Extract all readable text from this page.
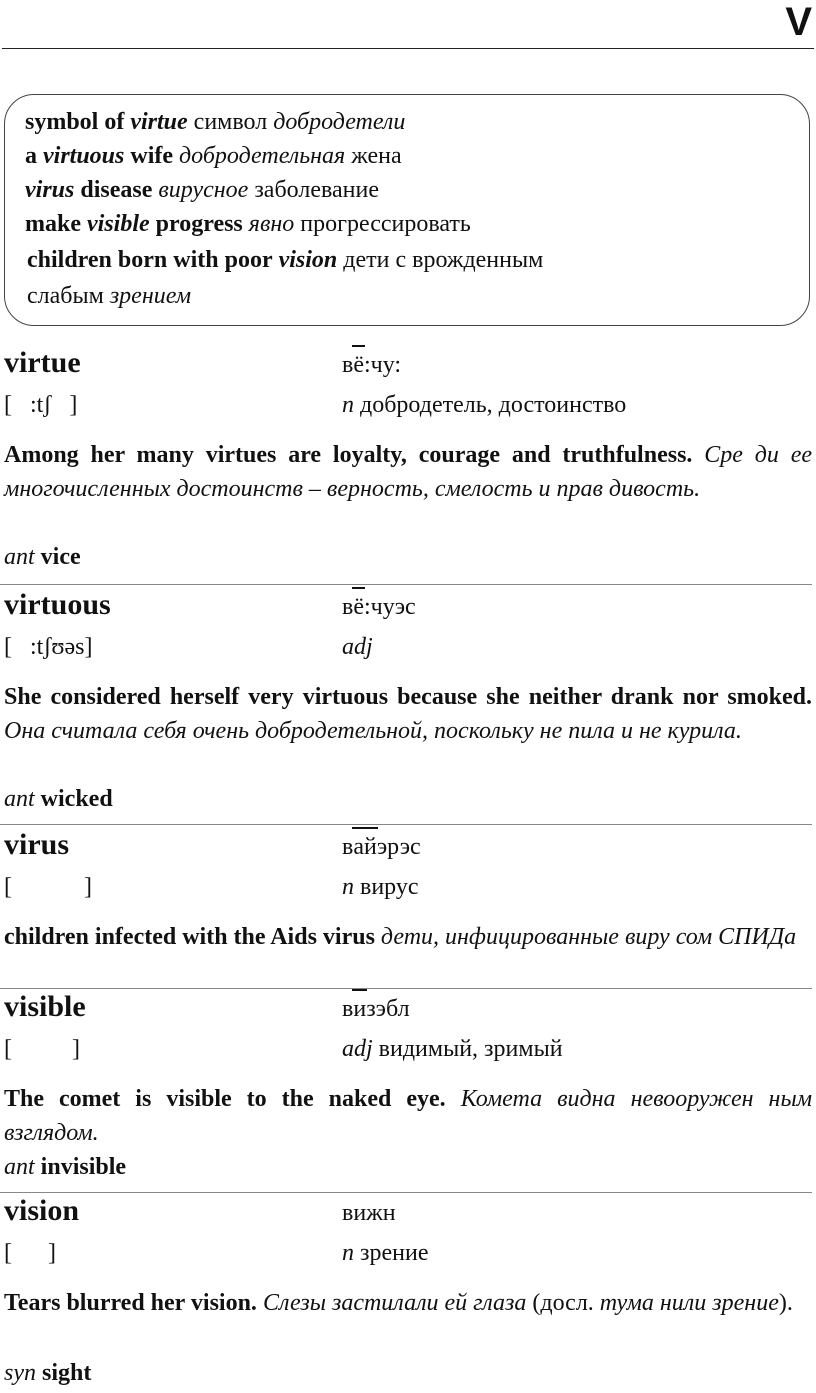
V
symbol of virtue символ добродетели
a virtuous wife добродетельная жена
virus disease вирусное заболевание
make visible progress явно прогрессировать
children born with poor vision дети с врожденным
слабым зрением
virtue	вё:чу:
[   :tʃ   ]	n добродетель, достоинство
Among her many virtues are loyalty, courage and truthfulness. Сре ди ее многочисленных достоинств – верность, смелость и прав дивость.
ant vice
virtuous	вё:чуэс
[   :tʃʊəs]	adj
She considered herself very virtuous because she neither drank nor smoked. Она считала себя очень добродетельной, поскольку не пила и не курила.
ant wicked
virus	вайэрэс
[            ]	n вирус
children infected with the Aids virus дети, инфицированные виру сом СПИДа
visible	визэбл
[          ]	adj видимый, зримый
The comet is visible to the naked eye. Комета видна невооружен ным взглядом.
ant invisible
vision	вижн
[      ]	n зрение
Tears blurred her vision. Слезы застилали ей глаза (досл. тума нили зрение).
syn sight
